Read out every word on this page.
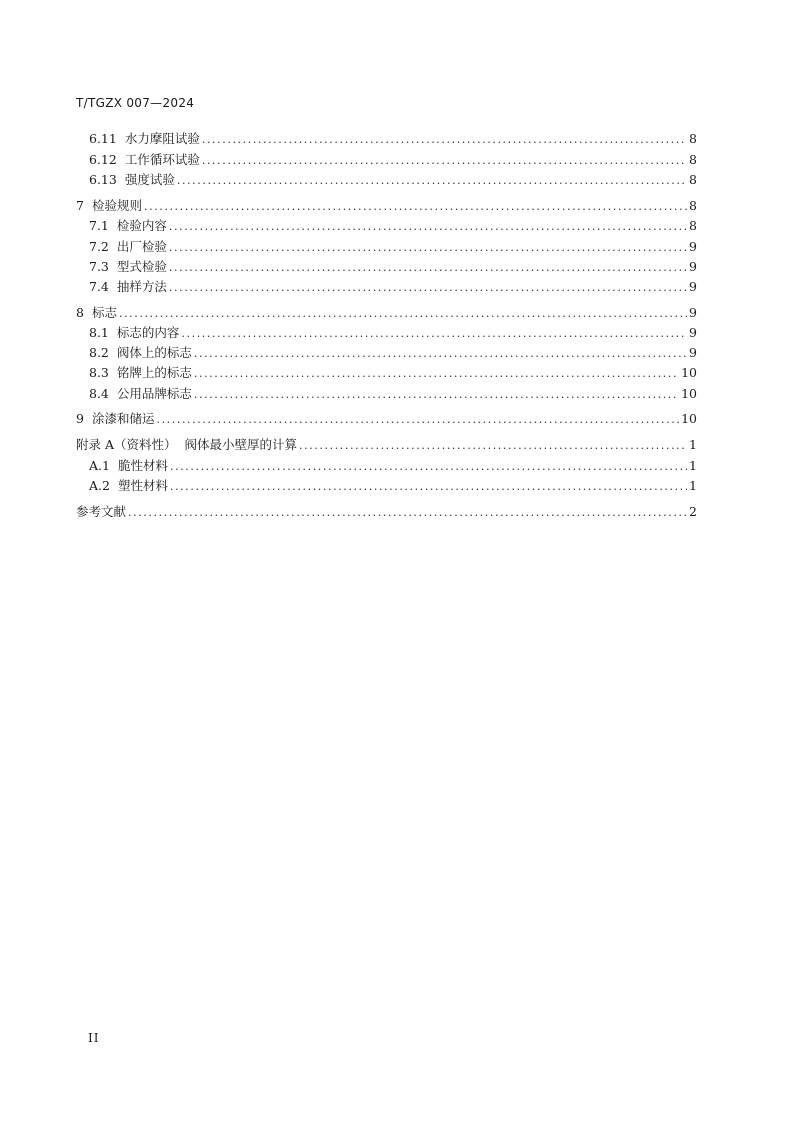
T/TGZX 007—2024
6.11 水力摩阻试验 .....	8
6.12 工作循环试验 .....	8
6.13 强度试验 .....	8
7 检验规则 .....	8
7.1 检验内容 .....	8
7.2 出厂检验 .....	9
7.3 型式检验 .....	9
7.4 抽样方法 .....	9
8 标志 .....	9
8.1 标志的内容 .....	9
8.2 阀体上的标志 .....	9
8.3 铭牌上的标志 .....	10
8.4 公用品牌标志 .....	10
9 涂漆和储运 .....	10
附录 A（资料性） 阀体最小壁厚的计算 .....	1
A.1 脆性材料 .....	1
A.2 塑性材料 .....	1
参考文献 .....	2
II
